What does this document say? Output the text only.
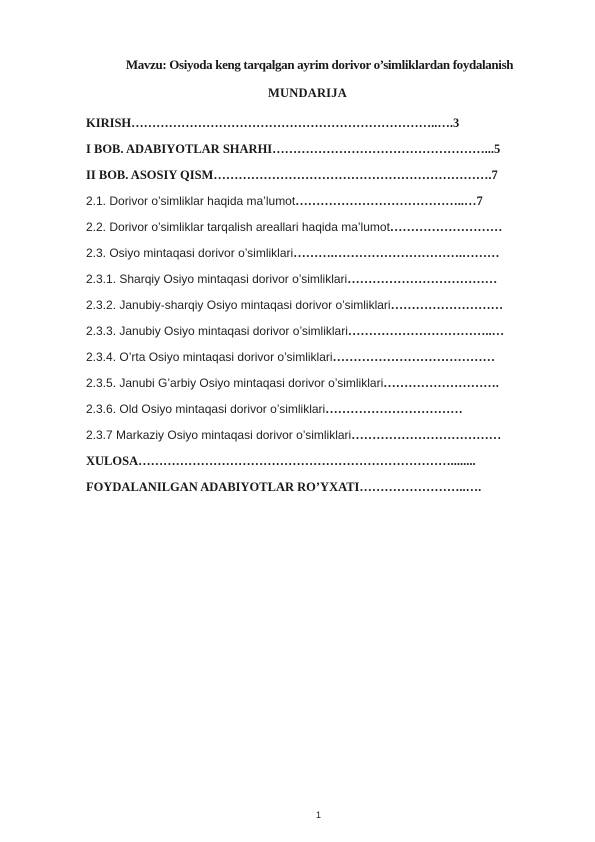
Mavzu: Osiyoda keng tarqalgan ayrim dorivor o’simliklardan foydalanish
MUNDARIJA
KIRISH………………………………………………………………..….3
I BOB. ADABIYOTLAR SHARHI……………………………………………...5
II BOB. ASOSIY QISM………………………………………………………….7
2.1. Dorivor o’simliklar haqida ma’lumot…………………………………..…7
2.2. Dorivor o’simliklar tarqalish areallari haqida ma’lumot………………………
2.3. Osiyo mintaqasi dorivor o’simliklari……….………………………….………
2.3.1. Sharqiy Osiyo mintaqasi dorivor o’simliklari………………………………
2.3.2. Janubiy-sharqiy Osiyo mintaqasi dorivor o’simliklari………………………
2.3.3. Janubiy Osiyo mintaqasi dorivor o’simliklari……………………………..…
2.3.4. O’rta Osiyo mintaqasi dorivor o’simliklari…………………………………
2.3.5. Janubi G’arbiy Osiyo mintaqasi dorivor o’simliklari……………………….
2.3.6. Old Osiyo mintaqasi dorivor o’simliklari……………………………
2.3.7 Markaziy Osiyo mintaqasi dorivor o’simliklari………………………………
XULOSA…………………………………………………………………........
FOYDALANILGAN ADABIYOTLAR RO’YXATI……………………..….
1
